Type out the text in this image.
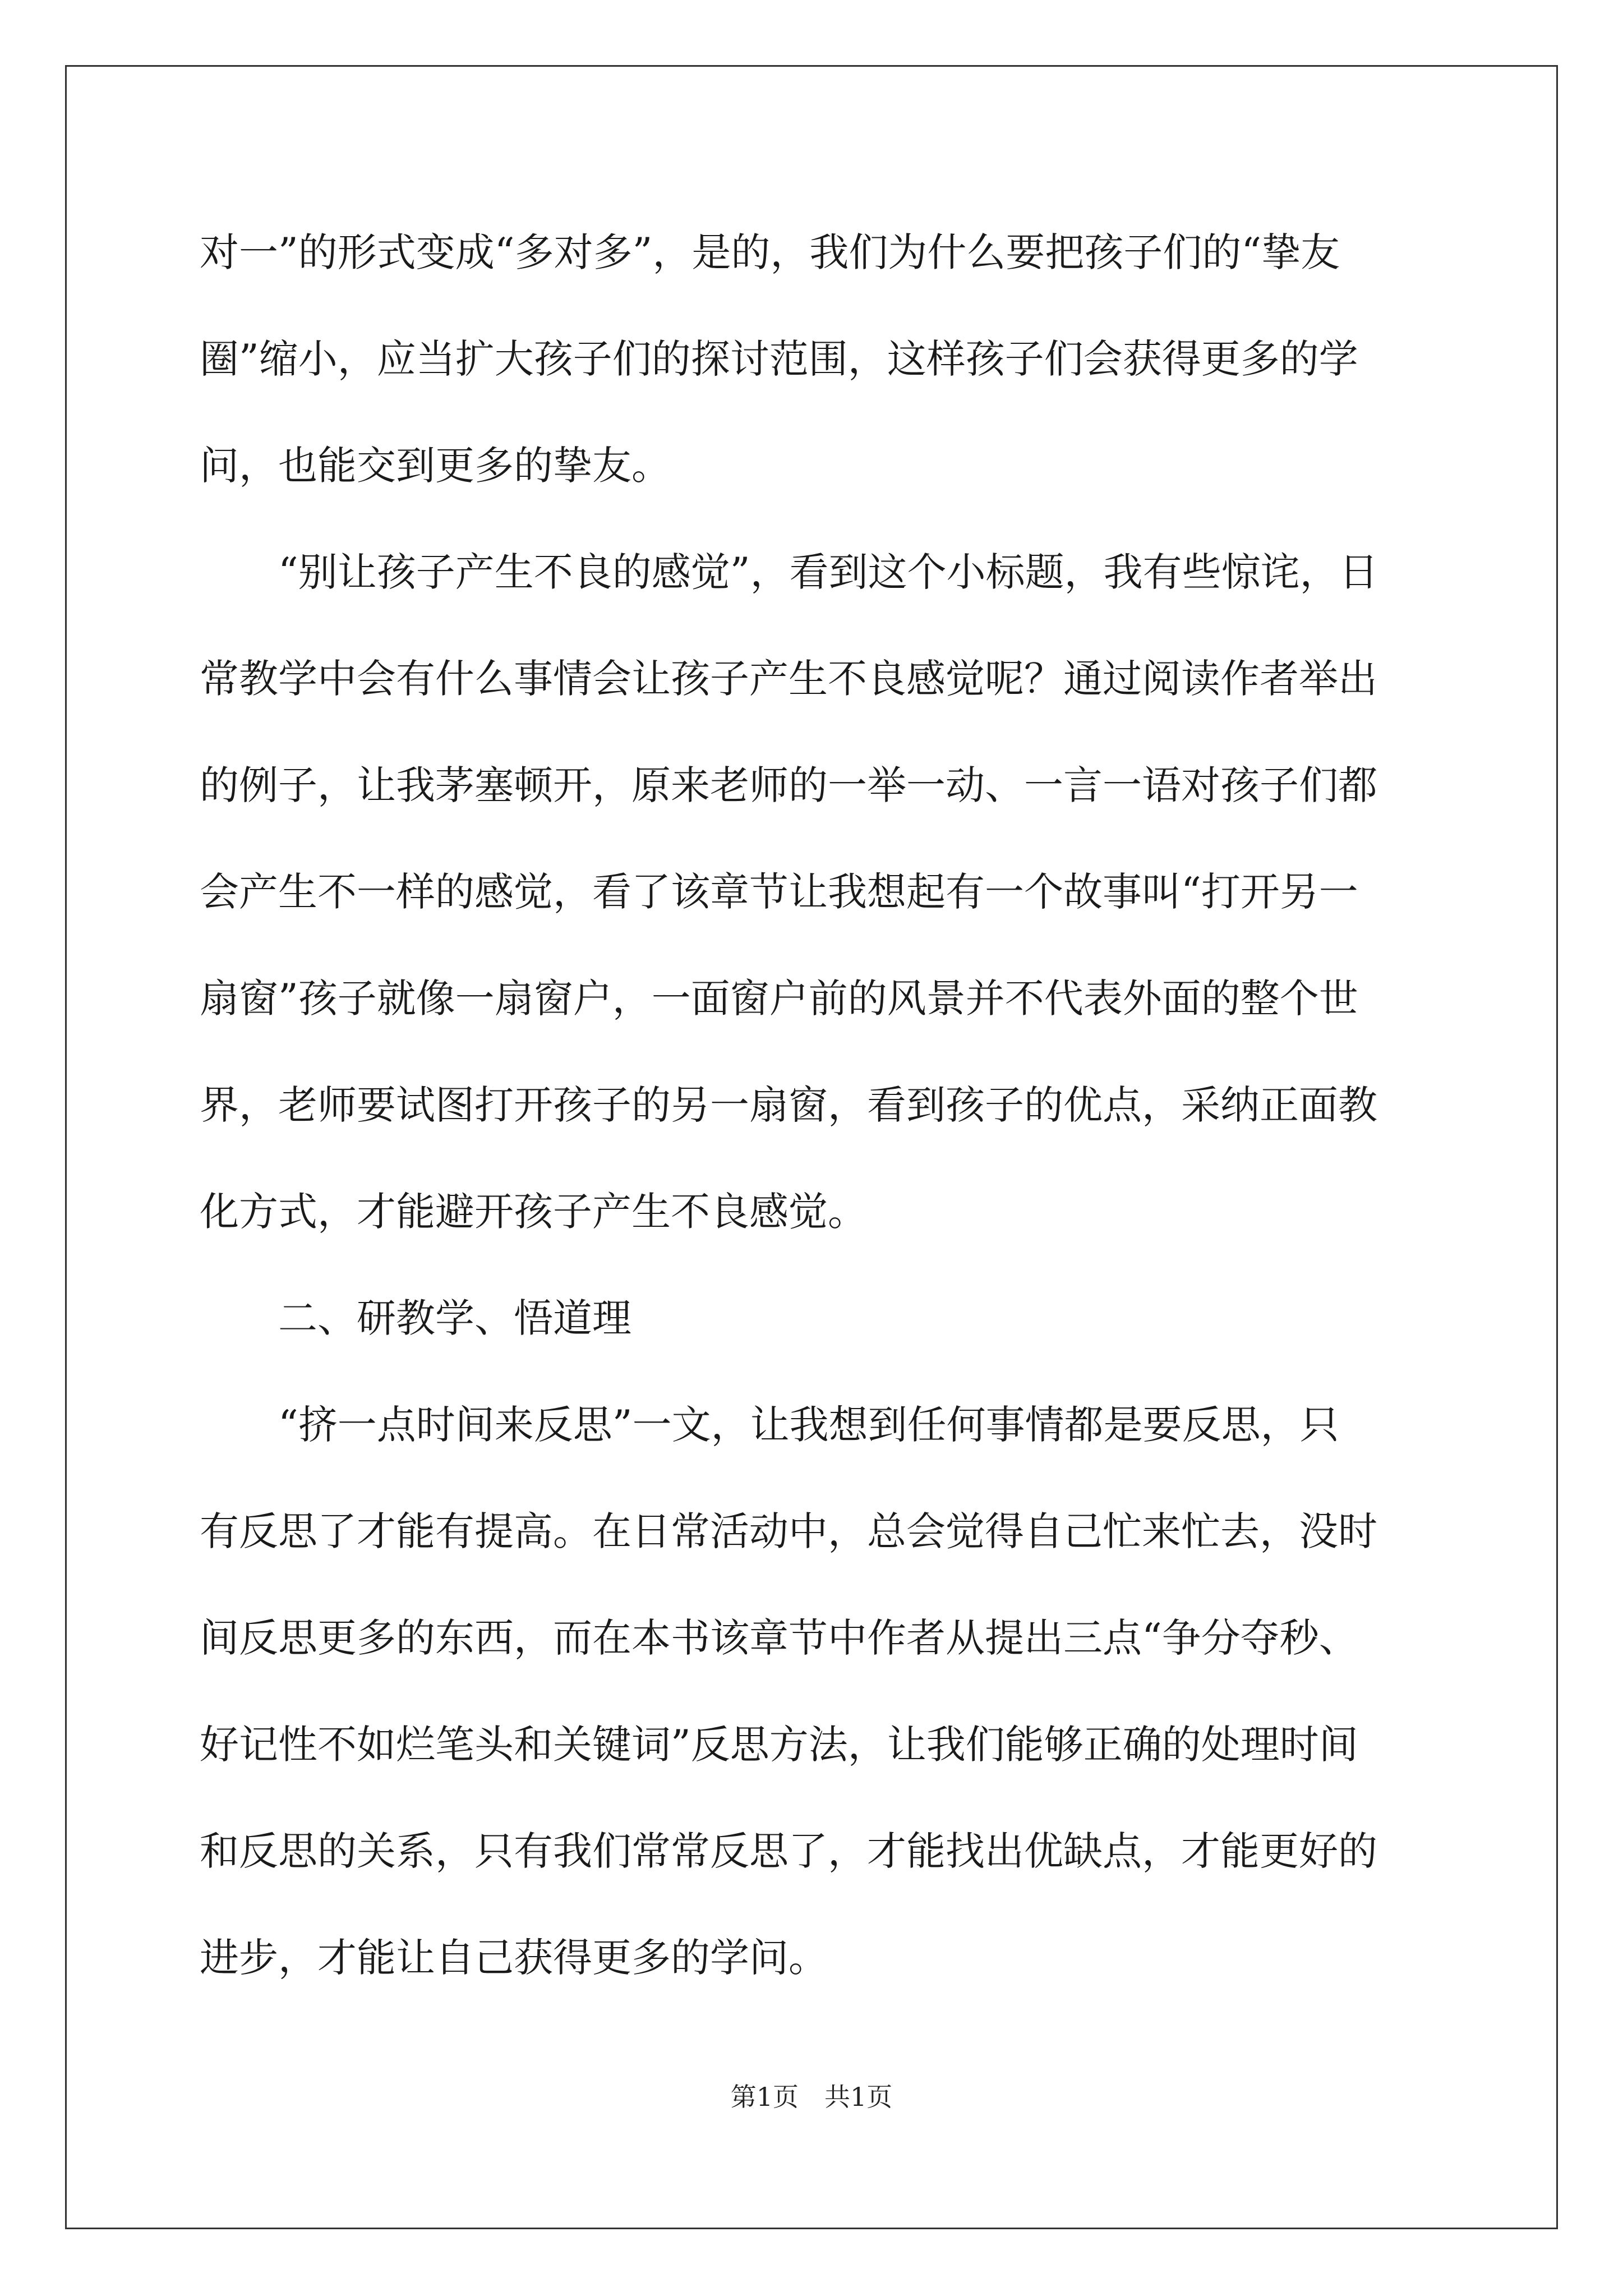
对一”的形式变成“多对多”，是的，我们为什么要把孩子们的“挚友
圈”缩小，应当扩大孩子们的探讨范围，这样孩子们会获得更多的学
问，也能交到更多的挚友。
　　“别让孩子产生不良的感觉”，看到这个小标题，我有些惊诧，日
常教学中会有什么事情会让孩子产生不良感觉呢？通过阅读作者举出
的例子，让我茅塞顿开，原来老师的一举一动、一言一语对孩子们都
会产生不一样的感觉，看了该章节让我想起有一个故事叫“打开另一
扇窗”孩子就像一扇窗户，一面窗户前的风景并不代表外面的整个世
界，老师要试图打开孩子的另一扇窗，看到孩子的优点，采纳正面教
化方式，才能避开孩子产生不良感觉。
　　二、研教学、悟道理
　　“挤一点时间来反思”一文，让我想到任何事情都是要反思，只
有反思了才能有提高。在日常活动中，总会觉得自己忙来忙去，没时
间反思更多的东西，而在本书该章节中作者从提出三点“争分夺秒、
好记性不如烂笔头和关键词”反思方法，让我们能够正确的处理时间
和反思的关系，只有我们常常反思了，才能找出优缺点，才能更好的
进步，才能让自己获得更多的学问。
第1页　共1页
